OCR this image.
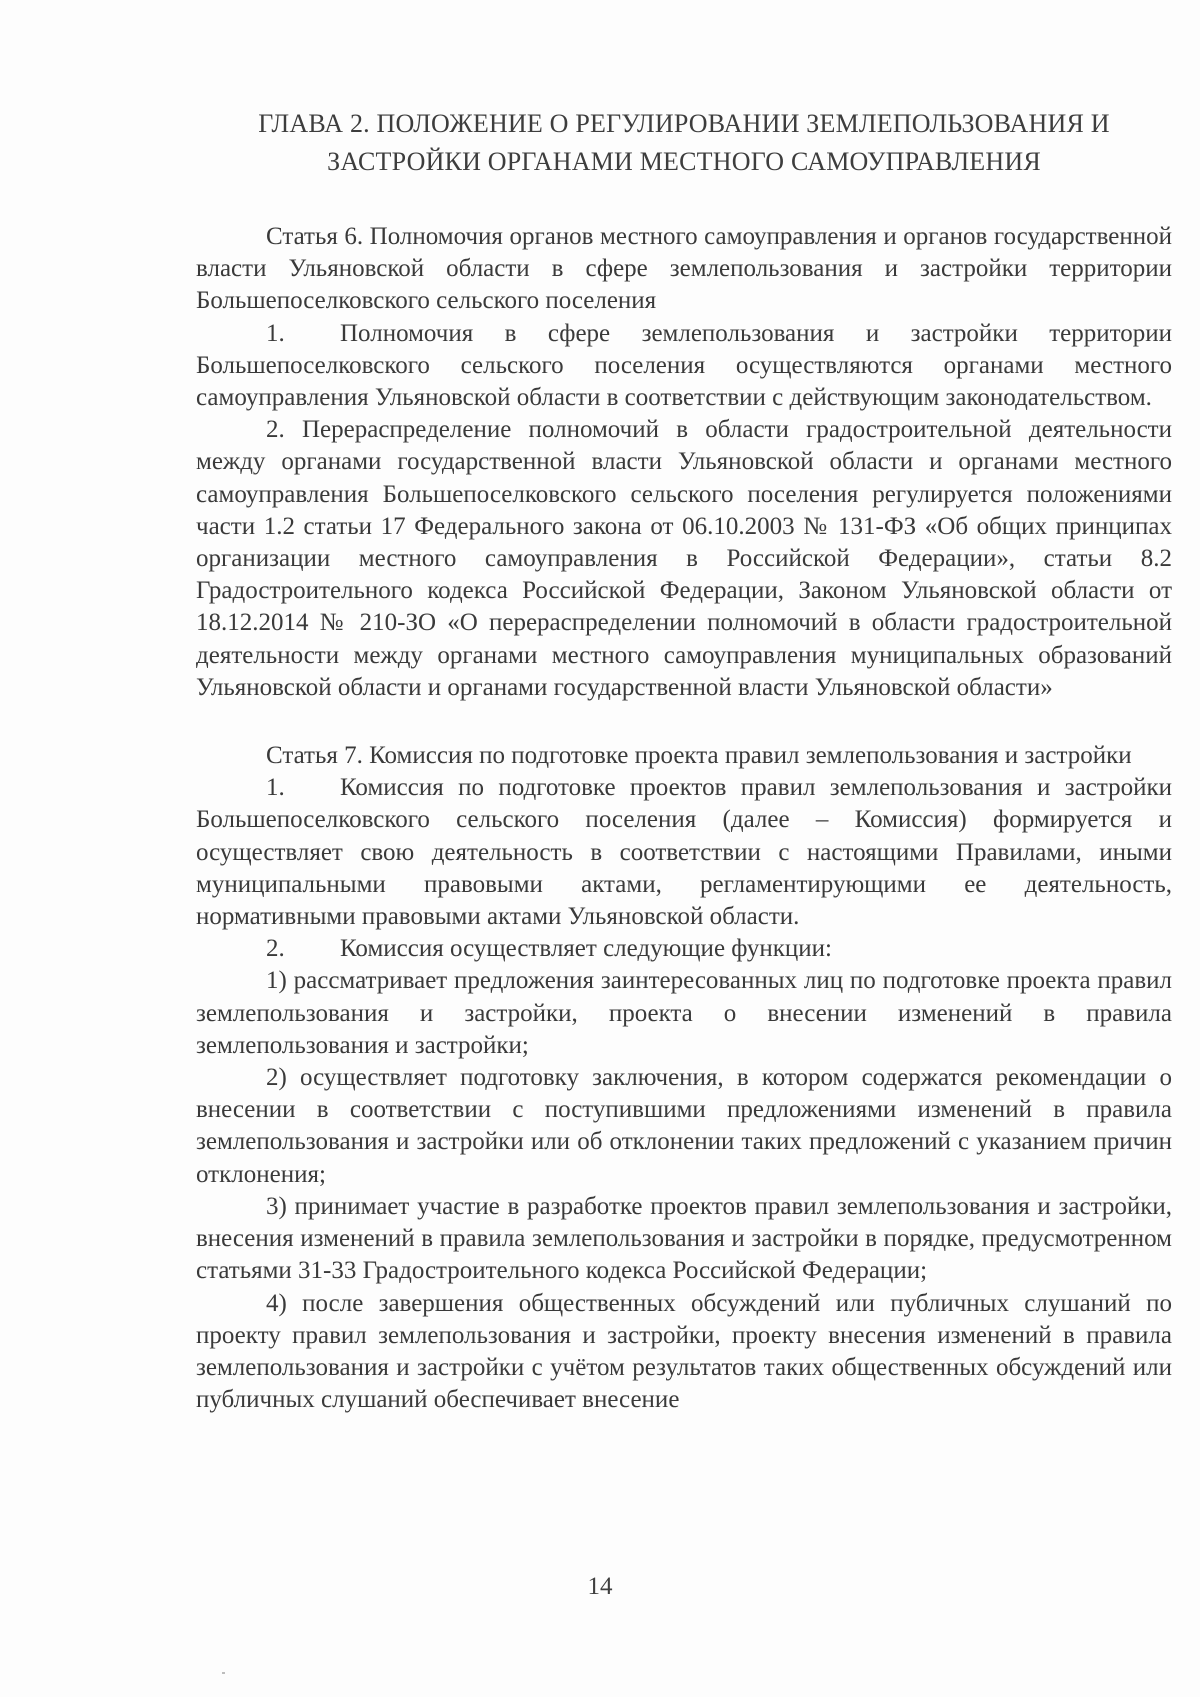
ГЛАВА 2. ПОЛОЖЕНИЕ О РЕГУЛИРОВАНИИ ЗЕМЛЕПОЛЬЗОВАНИЯ И
ЗАСТРОЙКИ ОРГАНАМИ МЕСТНОГО САМОУПРАВЛЕНИЯ

Статья 6. Полномочия органов местного самоуправления и органов государственной власти Ульяновской области в сфере землепользования и застройки территории Большепоселковского сельского поселения

1. Полномочия в сфере землепользования и застройки территории Большепоселковского сельского поселения осуществляются органами местного самоуправления Ульяновской области в соответствии с действующим законодательством.

2. Перераспределение полномочий в области градостроительной деятельности между органами государственной власти Ульяновской области и органами местного самоуправления Большепоселковского сельского поселения регулируется положениями части 1.2 статьи 17 Федерального закона от 06.10.2003 № 131-ФЗ «Об общих принципах организации местного самоуправления в Российской Федерации», статьи 8.2 Градостроительного кодекса Российской Федерации, Законом Ульяновской области от 18.12.2014 № 210-ЗО «О перераспределении полномочий в области градостроительной деятельности между органами местного самоуправления муниципальных образований Ульяновской области и органами государственной власти Ульяновской области»

Статья 7. Комиссия по подготовке проекта правил землепользования и застройки

1. Комиссия по подготовке проектов правил землепользования и застройки Большепоселковского сельского поселения (далее – Комиссия) формируется и осуществляет свою деятельность в соответствии с настоящими Правилами, иными муниципальными правовыми актами, регламентирующими ее деятельность, нормативными правовыми актами Ульяновской области.

2. Комиссия осуществляет следующие функции:

1) рассматривает предложения заинтересованных лиц по подготовке проекта правил землепользования и застройки, проекта о внесении изменений в правила землепользования и застройки;

2) осуществляет подготовку заключения, в котором содержатся рекомендации о внесении в соответствии с поступившими предложениями изменений в правила землепользования и застройки или об отклонении таких предложений с указанием причин отклонения;

3) принимает участие в разработке проектов правил землепользования и застройки, внесения изменений в правила землепользования и застройки в порядке, предусмотренном статьями 31-33 Градостроительного кодекса Российской Федерации;

4) после завершения общественных обсуждений или публичных слушаний по проекту правил землепользования и застройки, проекту внесения изменений в правила землепользования и застройки с учётом результатов таких общественных обсуждений или публичных слушаний обеспечивает внесение

14
